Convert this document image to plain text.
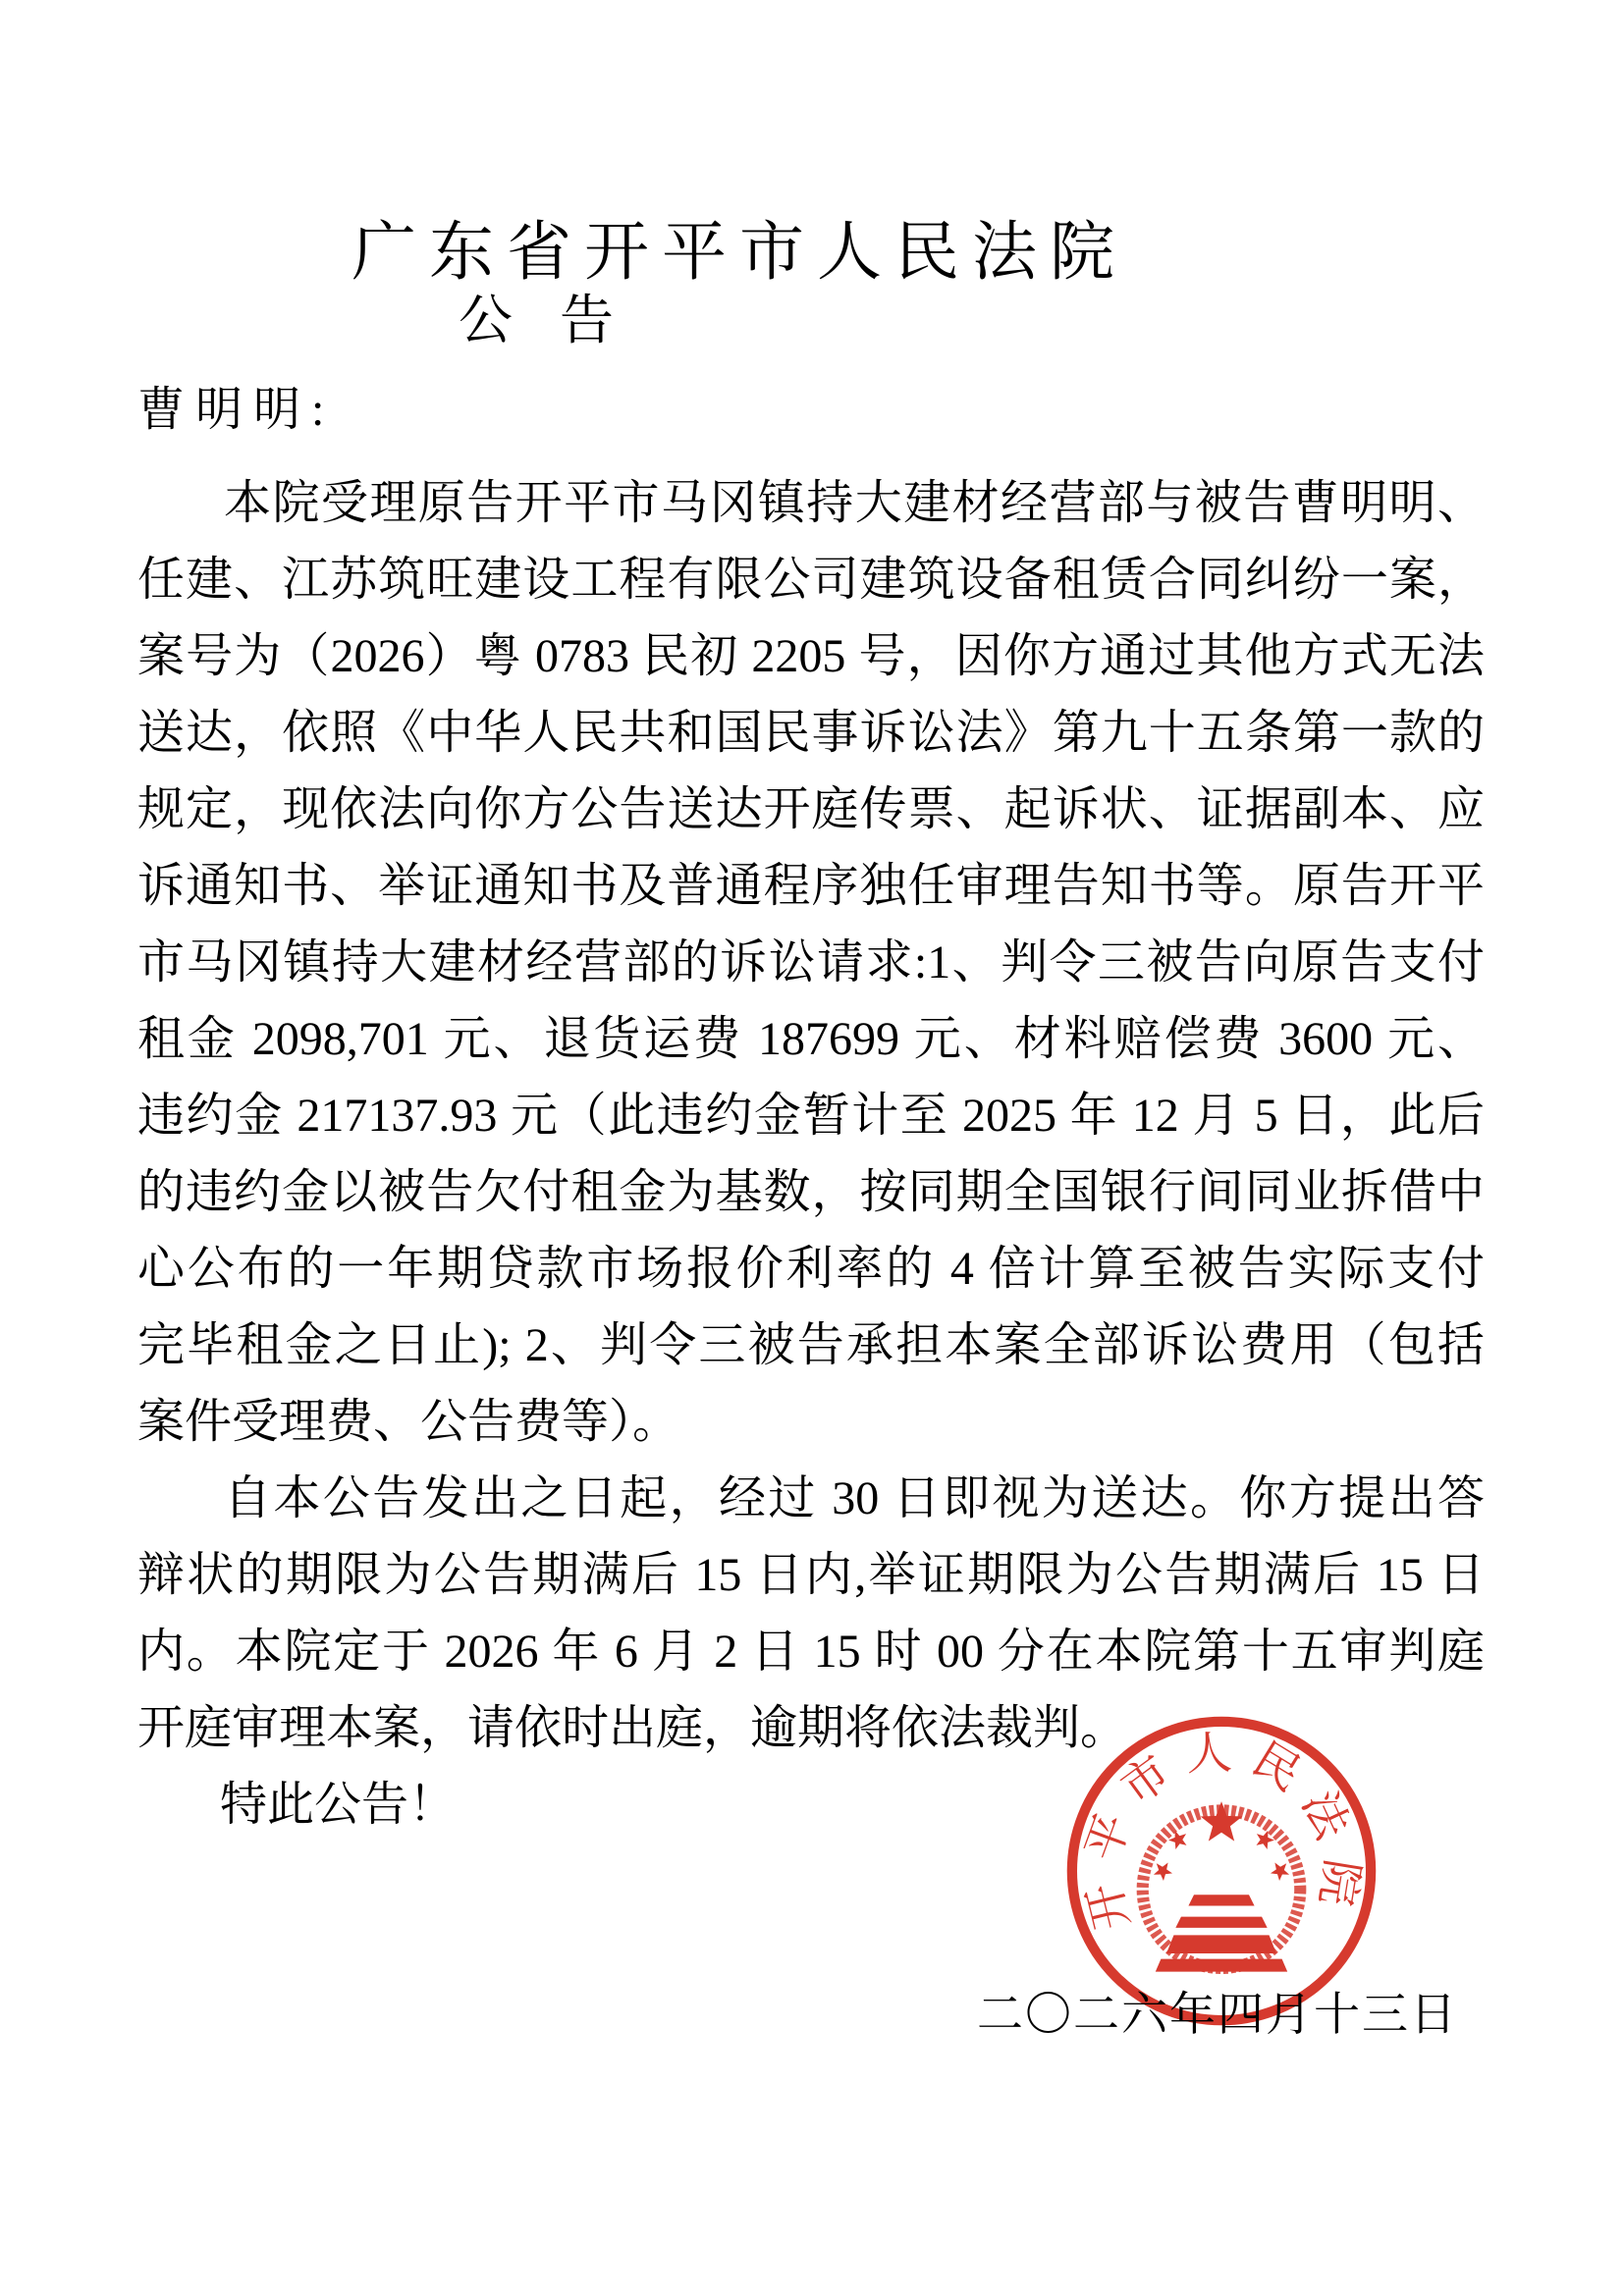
广东省开平市人民法院
公告
曹明明:
本院受理原告开平市马冈镇持大建材经营部与被告曹明明、
任建、江苏筑旺建设工程有限公司建筑设备租赁合同纠纷一案，
案号为（2026）粤 0783 民初 2205 号，因你方通过其他方式无法
送达，依照《中华人民共和国民事诉讼法》第九十五条第一款的
规定，现依法向你方公告送达开庭传票、起诉状、证据副本、应
诉通知书、举证通知书及普通程序独任审理告知书等。原告开平
市马冈镇持大建材经营部的诉讼请求:1、判令三被告向原告支付
租金 2098,701 元、退货运费 187699 元、材料赔偿费 3600 元、
违约金 217137.93 元（此违约金暂计至 2025 年 12 月 5 日，此后
的违约金以被告欠付租金为基数，按同期全国银行间同业拆借中
心公布的一年期贷款市场报价利率的 4 倍计算至被告实际支付
完毕租金之日止); 2、判令三被告承担本案全部诉讼费用（包括
案件受理费、公告费等）。
自本公告发出之日起，经过 30 日即视为送达。你方提出答
辩状的期限为公告期满后 15 日内,举证期限为公告期满后 15 日
内。本院定于 2026 年 6 月 2 日 15 时 00 分在本院第十五审判庭
开庭审理本案，请依时出庭，逾期将依法裁判。
特此公告！
开平市人民法院
二〇二六年四月十三日
